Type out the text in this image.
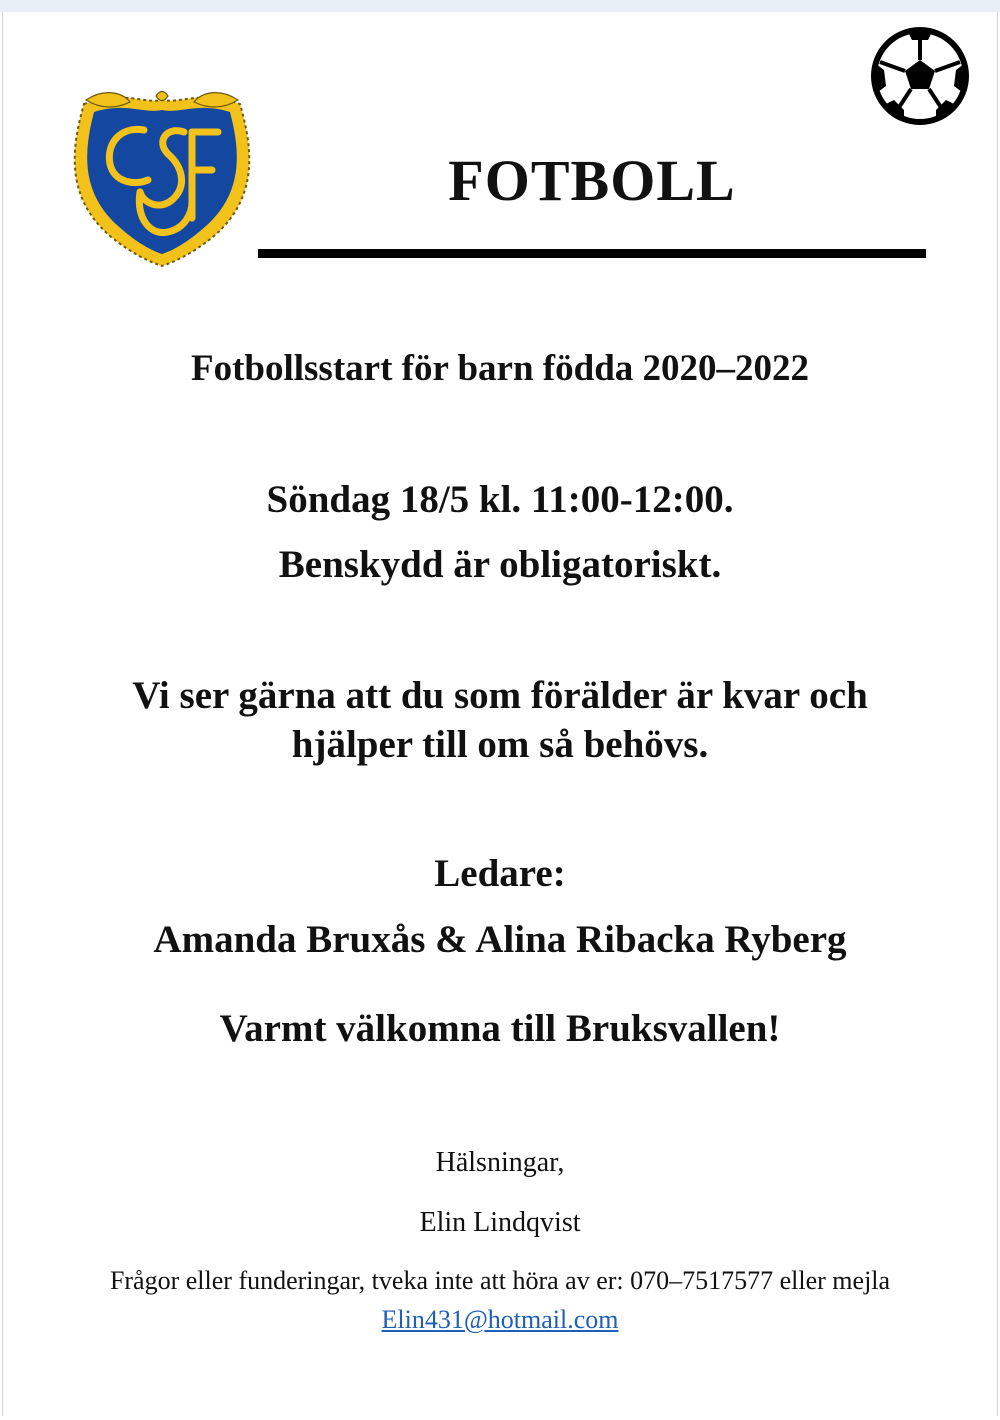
FOTBOLL

Fotbollsstart för barn födda 2020–2022

Söndag 18/5 kl. 11:00-12:00.

Benskydd är obligatoriskt.

Vi ser gärna att du som förälder är kvar och

hjälper till om så behövs.

Ledare:

Amanda Bruxås & Alina Ribacka Ryberg

Varmt välkomna till Bruksvallen!

Hälsningar,

Elin Lindqvist

Frågor eller funderingar, tveka inte att höra av er: 070–7517577 eller mejla

Elin431@hotmail.com
